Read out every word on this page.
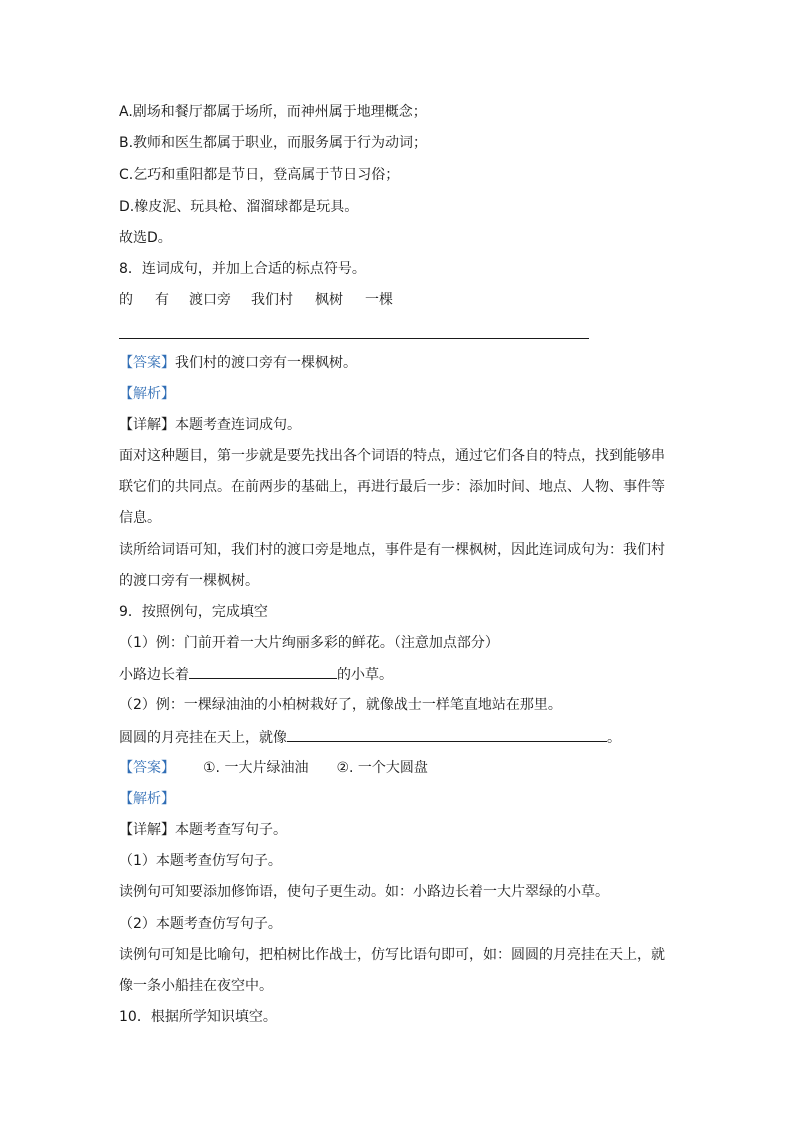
A.剧场和餐厅都属于场所，而神州属于地理概念；
B.教师和医生都属于职业，而服务属于行为动词；
C.乞巧和重阳都是节日，登高属于节日习俗；
D.橡皮泥、玩具枪、溜溜球都是玩具。
故选D。
8．连词成句，并加上合适的标点符号。
的 有 渡口旁 我们村 枫树 一棵
【答案】我们村的渡口旁有一棵枫树。
【解析】
【详解】本题考查连词成句。
面对这种题目，第一步就是要先找出各个词语的特点，通过它们各自的特点，找到能够串
联它们的共同点。在前两步的基础上，再进行最后一步：添加时间、地点、人物、事件等
信息。
读所给词语可知，我们村的渡口旁是地点，事件是有一棵枫树，因此连词成句为：我们村
的渡口旁有一棵枫树。
9．按照例句，完成填空
（1）例：门前开着一大片绚丽多彩的鲜花。（注意加点部分）
小路边长着	的小草。
（2）例：一棵绿油油的小柏树栽好了，就像战士一样笔直地站在那里。
圆圆的月亮挂在天上，就像	。
【答案】 ①. 一大片绿油油 ②. 一个大圆盘
【解析】
【详解】本题考查写句子。
（1）本题考查仿写句子。
读例句可知要添加修饰语，使句子更生动。如：小路边长着一大片翠绿的小草。
（2）本题考查仿写句子。
读例句可知是比喻句，把柏树比作战士，仿写比语句即可，如：圆圆的月亮挂在天上，就
像一条小船挂在夜空中。
10．根据所学知识填空。
